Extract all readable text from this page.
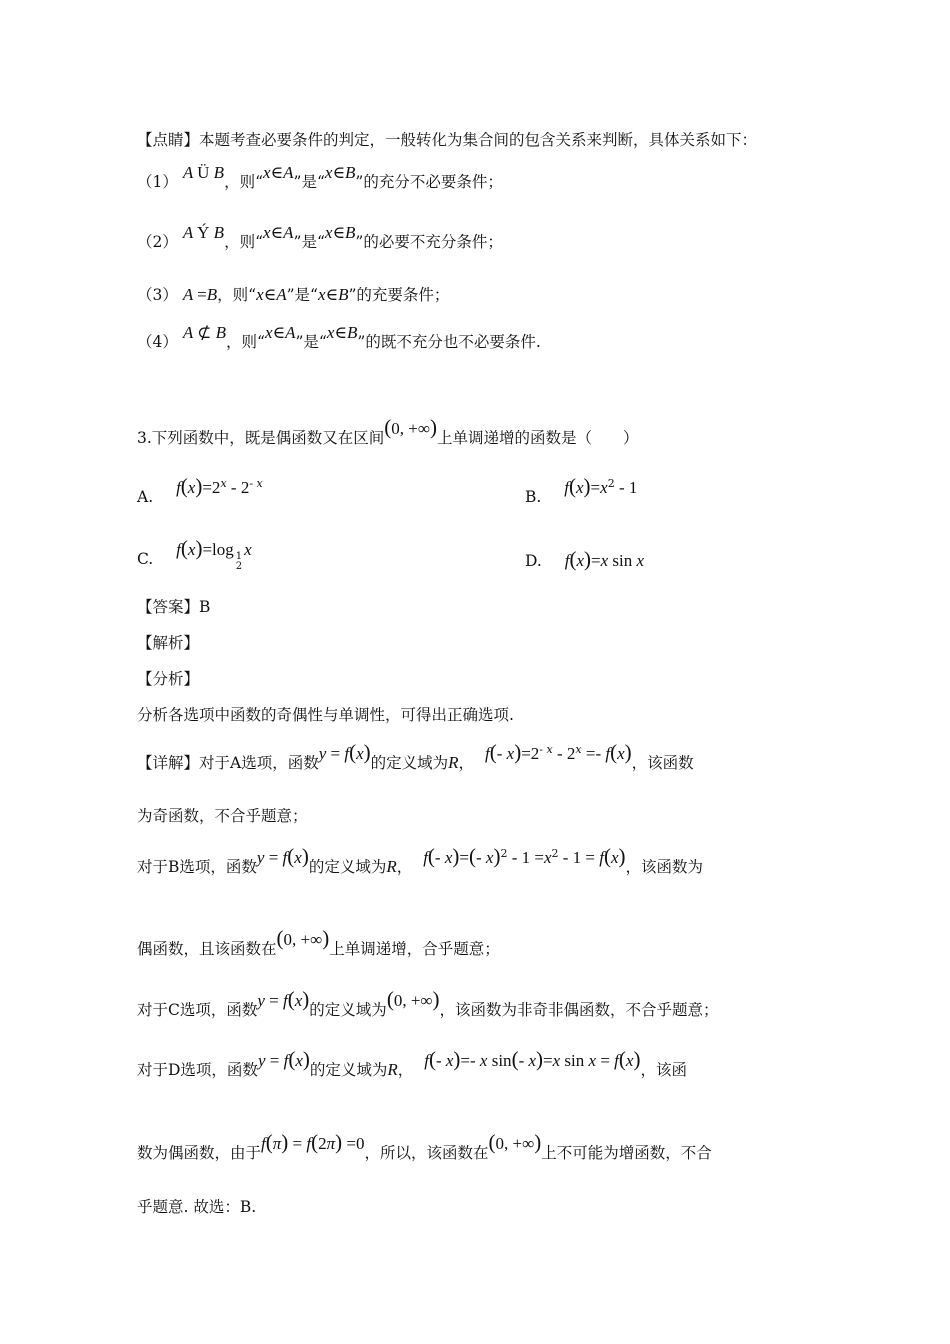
【点睛】本题考查必要条件的判定，一般转化为集合间的包含关系来判断，具体关系如下：
（1） A Ü B，则“x∈A”是“x∈B”的充分不必要条件；
（2） A Ý B，则“x∈A”是“x∈B”的必要不充分条件；
（3） A =B，则“x∈A”是“x∈B”的充要条件；
（4） A ⊄ B，则“x∈A”是“x∈B”的既不充分也不必要条件.
3.下列函数中，既是偶函数又在区间(0, +∞)上单调递增的函数是（　　）
A. $f(x)=2^x - 2^{- x}$
B. $f(x)=x^2 - 1$
C. f(x)=log 1
2
x
D. f(x)=x sin x
【答案】B
【解析】
【分析】
分析各选项中函数的奇偶性与单调性，可得出正确选项.
【详解】对于A选项，函数y = f(x)的定义域为R， f(- $x)=2^{- x} - 2^x =- f(x)$，该函数
为奇函数，不合乎题意；
对于B选项，函数y = f(x)的定义域为R， f(- x)=(- $x)^2 - 1 =x^2 - 1 = f(x)$，该函数为
偶函数，且该函数在(0, +∞)上单调递增，合乎题意；
对于C选项，函数y = f(x)的定义域为(0, +∞)，该函数为非奇非偶函数，不合乎题意；
对于D选项，函数y = f(x)的定义域为R， f(- x)=- x sin(- x)=x sin x = f(x)，该函
数为偶函数，由于f(π) = f(2π) =0，所以，该函数在(0, +∞)上不可能为增函数，不合
乎题意. 故选：B.
